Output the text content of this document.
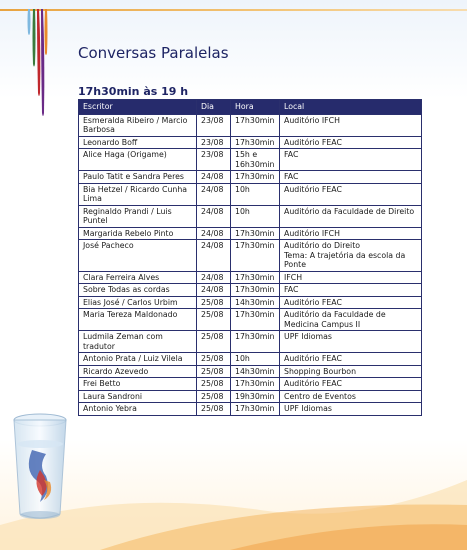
Conversas Paralelas
17h30min às 19 h
Escritor	Dia	Hora	Local
Esmeralda Ribeiro / Marcio Barbosa	23/08	17h30min	Auditório IFCH
Leonardo Boff	23/08	17h30min	Auditório FEAC
Alice Haga (Origame)	23/08	15h e 16h30min	FAC
Paulo Tatit e Sandra Peres	24/08	17h30min	FAC
Bia Hetzel / Ricardo Cunha Lima	24/08	10h	Auditório FEAC
Reginaldo Prandi / Luis Puntel	24/08	10h	Auditório da Faculdade de Direito
Margarida Rebelo Pinto	24/08	17h30min	Auditório IFCH
José Pacheco	24/08	17h30min	Auditório do Direito
Tema: A trajetória da escola da Ponte
Clara Ferreira Alves	24/08	17h30min	IFCH
Sobre Todas as cordas	24/08	17h30min	FAC
Elias José / Carlos Urbim	25/08	14h30min	Auditório FEAC
Maria Tereza Maldonado	25/08	17h30min	Auditório da Faculdade de Medicina Campus II
Ludmila Zeman com tradutor	25/08	17h30min	UPF Idiomas
Antonio Prata / Luiz Vilela	25/08	10h	Auditório FEAC
Ricardo Azevedo	25/08	14h30min	Shopping Bourbon
Frei Betto	25/08	17h30min	Auditório FEAC
Laura Sandroni	25/08	19h30min	Centro de Eventos
Antonio Yebra	25/08	17h30min	UPF Idiomas
